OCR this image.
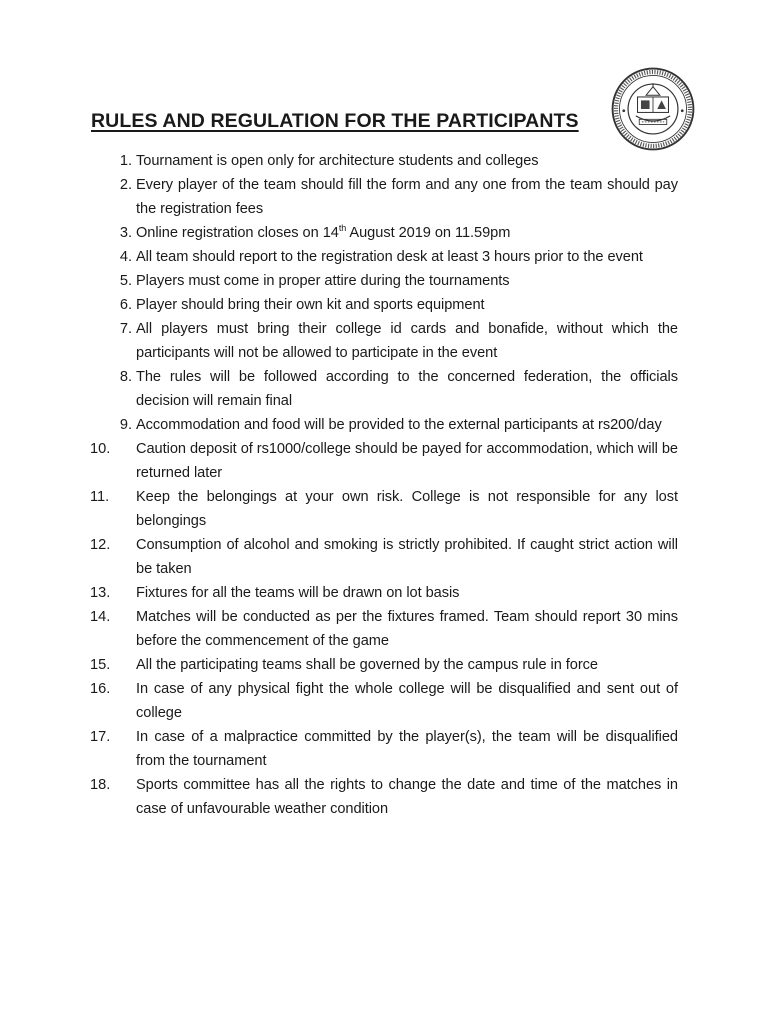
RULES AND REGULATION FOR THE PARTICIPANTS
1. Tournament is open only for architecture students and colleges
2. Every player of the team should fill the form and any one from the team should pay the registration fees
3. Online registration closes on 14th August 2019 on 11.59pm
4. All team should report to the registration desk at least 3 hours prior to the event
5. Players must come in proper attire during the tournaments
6. Player should bring their own kit and sports equipment
7. All players must bring their college id cards and bonafide, without which the participants will not be allowed to participate in the event
8. The rules will be followed according to the concerned federation, the officials decision will remain final
9. Accommodation and food will be provided to the external participants at rs200/day
10.	Caution deposit of rs1000/college should be payed for accommodation, which will be returned later
11.	Keep the belongings at your own risk. College is not responsible for any lost belongings
12.	Consumption of alcohol and smoking is strictly prohibited. If caught strict action will be taken
13.	Fixtures for all the teams will be drawn on lot basis
14.	Matches will be conducted as per the fixtures framed. Team should report 30 mins before the commencement of the game
15.	All the participating teams shall be governed by the campus rule in force
16.	In case of any physical fight the whole college will be disqualified and sent out of college
17.	In case of a malpractice committed by the player(s), the team will be disqualified from the tournament
18.	Sports committee has all the rights to change the date and time of the matches in case of unfavourable weather condition
